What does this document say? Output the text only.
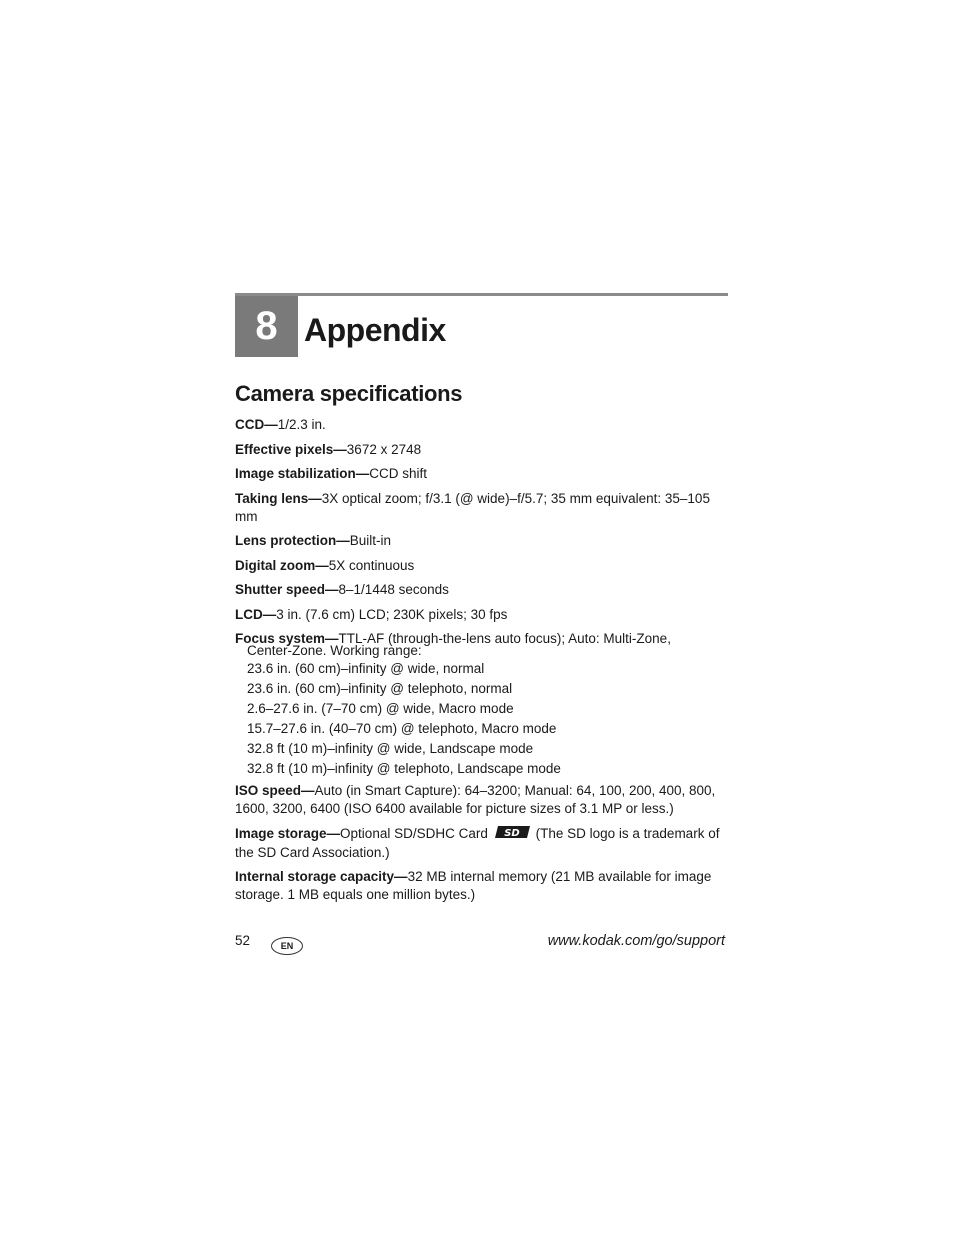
8 Appendix
Camera specifications

CCD—1/2.3 in.

Effective pixels—3672 x 2748

Image stabilization—CCD shift

Taking lens—3X optical zoom; f/3.1 (@ wide)–f/5.7; 35 mm equivalent: 35–105 mm

Lens protection—Built-in

Digital zoom—5X continuous

Shutter speed—8–1/1448 seconds

LCD—3 in. (7.6 cm) LCD; 230K pixels; 30 fps

Focus system—TTL-AF (through-the-lens auto focus); Auto: Multi-Zone,

Center-Zone. Working range:

23.6 in. (60 cm)–infinity @ wide, normal

23.6 in. (60 cm)–infinity @ telephoto, normal

2.6–27.6 in. (7–70 cm) @ wide, Macro mode

15.7–27.6 in. (40–70 cm) @ telephoto, Macro mode

32.8 ft (10 m)–infinity @ wide, Landscape mode

32.8 ft (10 m)–infinity @ telephoto, Landscape mode

ISO speed—Auto (in Smart Capture): 64–3200; Manual: 64, 100, 200, 400, 800, 1600, 3200, 6400 (ISO 6400 available for picture sizes of 3.1 MP or less.)

Image storage—Optional SD/SDHC Card SD (The SD logo is a trademark of the SD Card Association.)

Internal storage capacity—32 MB internal memory (21 MB available for image storage. 1 MB equals one million bytes.)

52	EN	www.kodak.com/go/support
